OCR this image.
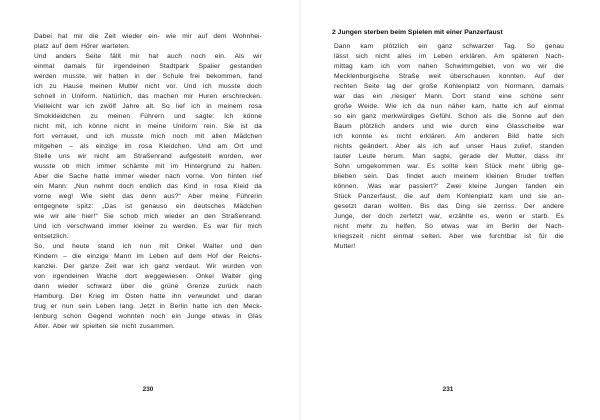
Dabei hat mir die Zeit wieder ein- wie mir auf dem Wohnhei-
platz auf dem Hörer warteten.
Und anders Seite fällt mir hat auch noch ein. Als wir
einmal damals für irgendeinen Stadtpark Spalier gestanden
werden musste, wir hatten in der Schule frei bekommen, fand
ich zu Hause meinen Mutter nicht vor. Und ich musste doch
schnell in Uniform. Natürlich, das machen mir Huren erschrecken.
Vielleicht war ich zwölf Jahre alt. So lief ich in meinem rosa
Smokkleidchen zu meinen Führern und sagte: Ich könne
nicht mit, ich könne nicht in meine Uniform rein. Sie ist da
fort verrauet, und ich musste mich noch mit allen Mädchen
mitgehen – als einzige im rosa Kleidchen. Und am Ort und
Stelle uns wir nicht am Straßenrand aufgestellt worden, wer
wusste ob mich immer schämte mit im Hintergrund zu halten.
Aber die Sache hatte immer wieder nach vorne. Von hinten rief
ein Mann: „Nun nehmt doch endlich das Kind in rosa Kleid da
vorne weg! Wie sieht das denn aus?“ Aber meine Führerin
entgegnete spitz: „Das ist genauso ein deutsches Mädchen
wie wir alle hier!“ Sie schob mich wieder an den Straßenrand.
Und ich verschwand immer kleiner zu werden. Es war für mich
entsetzlich.
So, und heute stand ich nun mit Onkel Walter und den
Kindern – die einzige Mann im Leben auf dem Hof der Reichs-
kanzlei. Der ganze Zeit war ich ganz verdaut. Wir wurden von
von irgendeinen Wache dort weggewiesen. Onkel Walter ging
dann wieder schwarz über die grüne Grenze zurück nach
Hamburg. Der Krieg im Osten hatte ihn verwundet und daran
trug er nun sein Leben lang. Jetzt in Berlin hatte ich den Meck-
lenburg schon Gegend wohnten noch ein Junge etwas in Glas
Alter. Aber wir spielten sie nicht zusammen.
230
2 Jungen sterben beim Spielen mit einer Panzerfaust
Dann kam plötzlich ein ganz schwarzer Tag. So genau
lässt sich nicht alles im Leben erklären. Am späteren Nach-
mittag kam ich vom nahen Schwimmgebiet, von wo wir die
Mecklenburgische Straße weit überschauen konnten. Auf der
rechten Seite lag der große Kohlenplatz von Normann, damals
war das ein ‚riesiger‘ Mann. Dort stand eine schöne sehr
große Weide. Wie ich da nun näher kam, hatte ich auf einmal
so ein ganz merkwürdiges Gefühl. Schon als die Sonne auf den
Baum plötzlich anders und wie durch eine Glasscheibe war
ich konnte es nicht erklären. Am anderen Bild hatte sich
nichts geändert. Aber als ich auf unser Haus zulief, standen
lauter Leute herum. Man sagte, gerade der Mutter, dass ihr
Sohn umgekommen war. Es sollte kein Stück mehr übrig ge-
blieben sein. Das findet auch meinem kleinen Bruder treffen
können. ‚Was war passiert?‘ Zwei kleine Jungen fanden ein
Stück Panzerfaust, die auf dem Kohlenplatz kam und sie an-
gesetzt daran wollten. Bis das Ding sie zerriss. Der andere
Junge, der doch zerfetzt war, erzählte es, wenn er starb. Es
nicht mehr zu helfen. So etwas war im Berlin der Nach-
kriegszeit nicht einmal selten. Aber wie furchtbar ist für die
Mutter!
231
